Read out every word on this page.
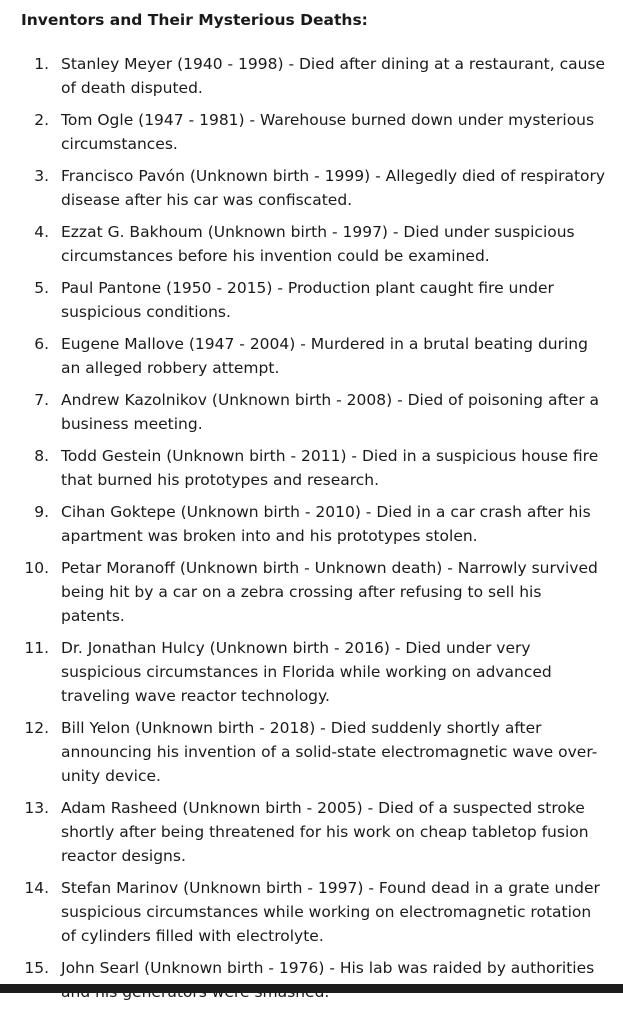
Inventors and Their Mysterious Deaths:
1. Stanley Meyer (1940 - 1998) - Died after dining at a restaurant, cause of death disputed.
2. Tom Ogle (1947 - 1981) - Warehouse burned down under mysterious circumstances.
3. Francisco Pavón (Unknown birth - 1999) - Allegedly died of respiratory disease after his car was confiscated.
4. Ezzat G. Bakhoum (Unknown birth - 1997) - Died under suspicious circumstances before his invention could be examined.
5. Paul Pantone (1950 - 2015) - Production plant caught fire under suspicious conditions.
6. Eugene Mallove (1947 - 2004) - Murdered in a brutal beating during an alleged robbery attempt.
7. Andrew Kazolnikov (Unknown birth - 2008) - Died of poisoning after a business meeting.
8. Todd Gestein (Unknown birth - 2011) - Died in a suspicious house fire that burned his prototypes and research.
9. Cihan Goktepe (Unknown birth - 2010) - Died in a car crash after his apartment was broken into and his prototypes stolen.
10. Petar Moranoff (Unknown birth - Unknown death) - Narrowly survived being hit by a car on a zebra crossing after refusing to sell his patents.
11. Dr. Jonathan Hulcy (Unknown birth - 2016) - Died under very suspicious circumstances in Florida while working on advanced traveling wave reactor technology.
12. Bill Yelon (Unknown birth - 2018) - Died suddenly shortly after announcing his invention of a solid-state electromagnetic wave over-unity device.
13. Adam Rasheed (Unknown birth - 2005) - Died of a suspected stroke shortly after being threatened for his work on cheap tabletop fusion reactor designs.
14. Stefan Marinov (Unknown birth - 1997) - Found dead in a grate under suspicious circumstances while working on electromagnetic rotation of cylinders filled with electrolyte.
15. John Searl (Unknown birth - 1976) - His lab was raided by authorities
